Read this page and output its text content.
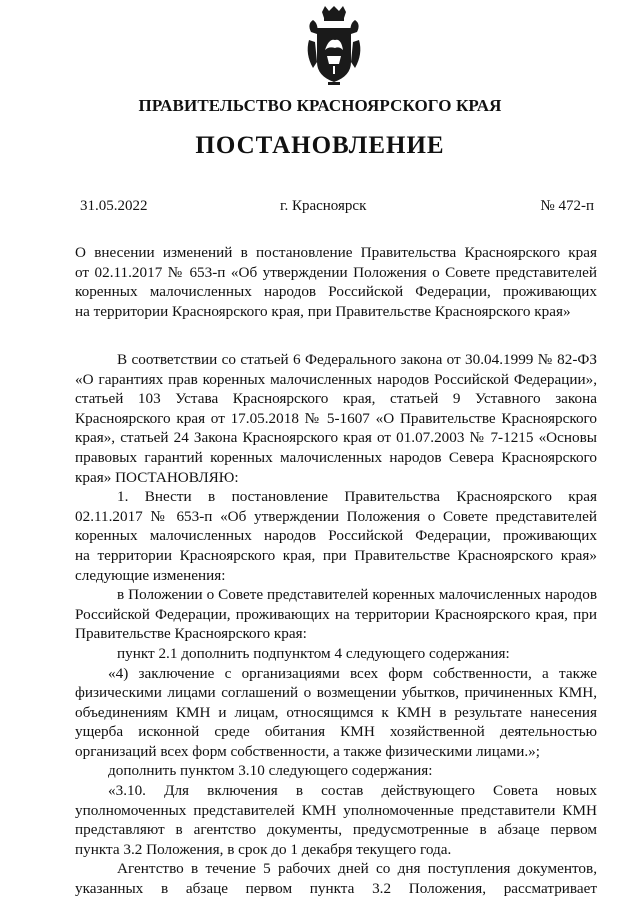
ПРАВИТЕЛЬСТВО КРАСНОЯРСКОГО КРАЯ
ПОСТАНОВЛЕНИЕ
31.05.2022	г. Красноярск	№ 472-п

О внесении изменений в постановление Правительства Красноярского края

от 02.11.2017 № 653-п «Об утверждении Положения о Совете представителей

коренных малочисленных народов Российской Федерации, проживающих

на территории Красноярского края, при Правительстве Красноярского края»

В соответствии со статьей 6 Федерального закона от 30.04.1999 № 82-ФЗ

«О гарантиях прав коренных малочисленных народов Российской Федерации»,

статьей 103 Устава Красноярского края, статьей 9 Уставного закона

Красноярского края от 17.05.2018 № 5-1607 «О Правительстве Красноярского

края», статьей 24 Закона Красноярского края от 01.07.2003 № 7-1215 «Основы

правовых гарантий коренных малочисленных народов Севера Красноярского

края» ПОСТАНОВЛЯЮ:

1. Внести в постановление Правительства Красноярского края

02.11.2017 № 653-п «Об утверждении Положения о Совете представителей

коренных малочисленных народов Российской Федерации, проживающих

на территории Красноярского края, при Правительстве Красноярского края»

следующие изменения:

в Положении о Совете представителей коренных малочисленных народов

Российской Федерации, проживающих на территории Красноярского края, при

Правительстве Красноярского края:

пункт 2.1 дополнить подпунктом 4 следующего содержания:

«4) заключение с организациями всех форм собственности, а также

физическими лицами соглашений о возмещении убытков, причиненных КМН,

объединениям КМН и лицам, относящимся к КМН в результате нанесения

ущерба исконной среде обитания КМН хозяйственной деятельностью

организаций всех форм собственности, а также физическими лицами.»;

дополнить пунктом 3.10 следующего содержания:

«3.10. Для включения в состав действующего Совета новых

уполномоченных представителей КМН уполномоченные представители КМН

представляют в агентство документы, предусмотренные в абзаце первом

пункта 3.2 Положения, в срок до 1 декабря текущего года.

Агентство в течение 5 рабочих дней со дня поступления документов,

указанных в абзаце первом пункта 3.2 Положения, рассматривает
